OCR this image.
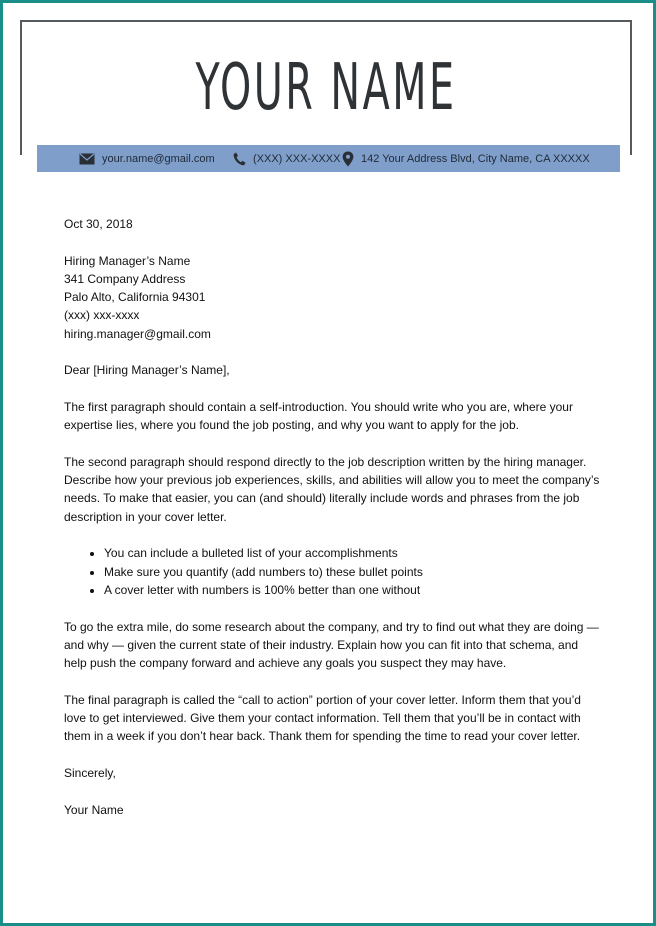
YOUR NAME
your.name@gmail.com	(XXX) XXX-XXXX 142 Your Address Blvd, City Name, CA XXXXX

Oct 30, 2018

Hiring Manager’s Name

341 Company Address

Palo Alto, California 94301

(xxx) xxx-xxxx

hiring.manager@gmail.com

Dear [Hiring Manager’s Name],

The first paragraph should contain a self-introduction. You should write who you are, where your expertise lies, where you found the job posting, and why you want to apply for the job.

The second paragraph should respond directly to the job description written by the hiring manager. Describe how your previous job experiences, skills, and abilities will allow you to meet the company’s needs. To make that easier, you can (and should) literally include words and phrases from the job description in your cover letter.

• You can include a bulleted list of your accomplishments
• Make sure you quantify (add numbers to) these bullet points
• A cover letter with numbers is 100% better than one without

To go the extra mile, do some research about the company, and try to find out what they are doing — and why — given the current state of their industry. Explain how you can fit into that schema, and help push the company forward and achieve any goals you suspect they may have.

The final paragraph is called the “call to action” portion of your cover letter. Inform them that you’d love to get interviewed. Give them your contact information. Tell them that you’ll be in contact with them in a week if you don’t hear back. Thank them for spending the time to read your cover letter.

Sincerely,

Your Name
